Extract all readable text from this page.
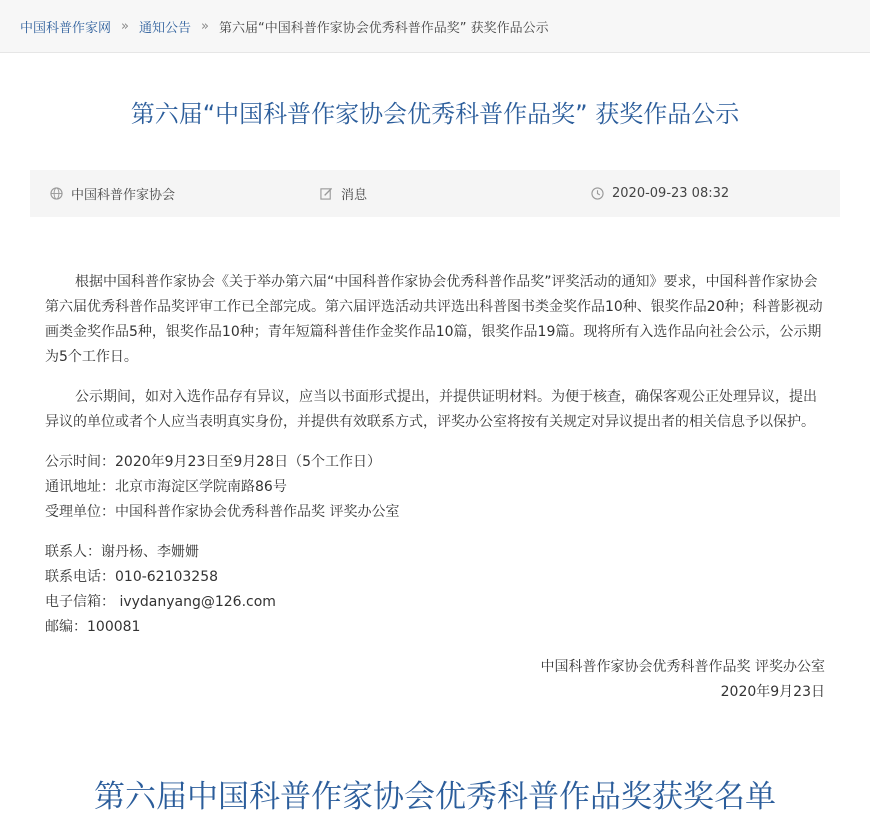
中国科普作家网 » 通知公告 » 第六届“中国科普作家协会优秀科普作品奖” 获奖作品公示
第六届“中国科普作家协会优秀科普作品奖” 获奖作品公示
中国科普作家协会	消息	2020-09-23 08:32

根据中国科普作家协会《关于举办第六届“中国科普作家协会优秀科普作品奖”评奖活动的通知》要求，中国科普作家协会第六届优秀科普作品奖评审工作已全部完成。第六届评选活动共评选出科普图书类金奖作品10种、银奖作品20种；科普影视动画类金奖作品5种，银奖作品10种；青年短篇科普佳作金奖作品10篇，银奖作品19篇。现将所有入选作品向社会公示，公示期为5个工作日。

公示期间，如对入选作品存有异议，应当以书面形式提出，并提供证明材料。为便于核查，确保客观公正处理异议，提出异议的单位或者个人应当表明真实身份，并提供有效联系方式，评奖办公室将按有关规定对异议提出者的相关信息予以保护。

公示时间：2020年9月23日至9月28日（5个工作日）

通讯地址：北京市海淀区学院南路86号

受理单位：中国科普作家协会优秀科普作品奖 评奖办公室

联系人：谢丹杨、李姗姗

联系电话：010-62103258

电子信箱： ivydanyang@126.com

邮编：100081

中国科普作家协会优秀科普作品奖 评奖办公室

2020年9月23日

第六届中国科普作家协会优秀科普作品奖获奖名单
